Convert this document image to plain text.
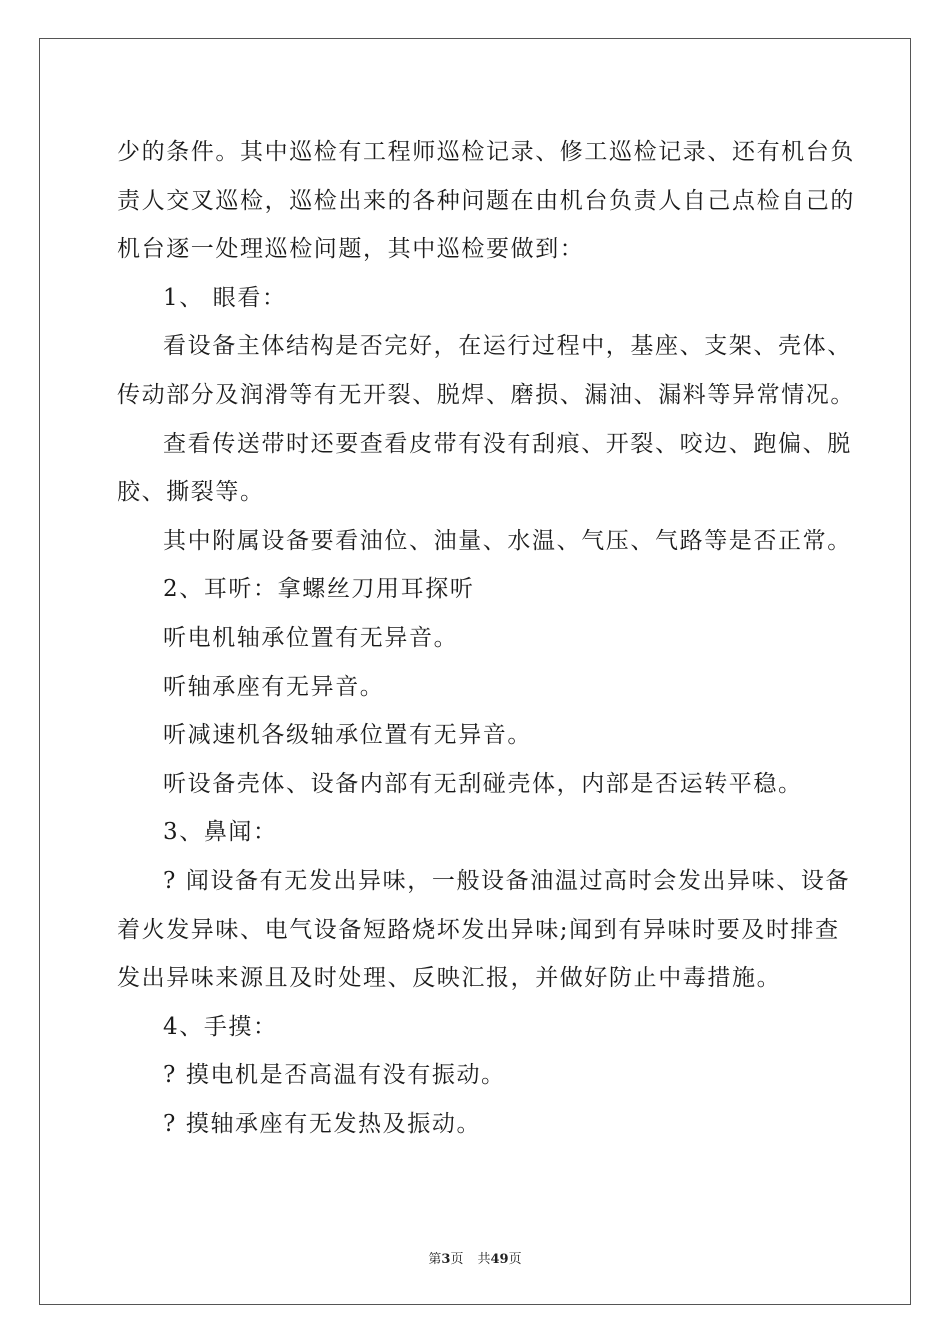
少的条件。其中巡检有工程师巡检记录、修工巡检记录、还有机台负
责人交叉巡检，巡检出来的各种问题在由机台负责人自己点检自己的
机台逐一处理巡检问题，其中巡检要做到：
1、 眼看：
看设备主体结构是否完好，在运行过程中，基座、支架、壳体、
传动部分及润滑等有无开裂、脱焊、磨损、漏油、漏料等异常情况。
查看传送带时还要查看皮带有没有刮痕、开裂、咬边、跑偏、脱
胶、撕裂等。
其中附属设备要看油位、油量、水温、气压、气路等是否正常。
2、耳听：拿螺丝刀用耳探听
听电机轴承位置有无异音。
听轴承座有无异音。
听减速机各级轴承位置有无异音。
听设备壳体、设备内部有无刮碰壳体，内部是否运转平稳。
3、鼻闻：
? 闻设备有无发出异味，一般设备油温过高时会发出异味、设备
着火发异味、电气设备短路烧坏发出异味;闻到有异味时要及时排查
发出异味来源且及时处理、反映汇报，并做好防止中毒措施。
4、手摸：
? 摸电机是否高温有没有振动。
? 摸轴承座有无发热及振动。
第3页 共49页
